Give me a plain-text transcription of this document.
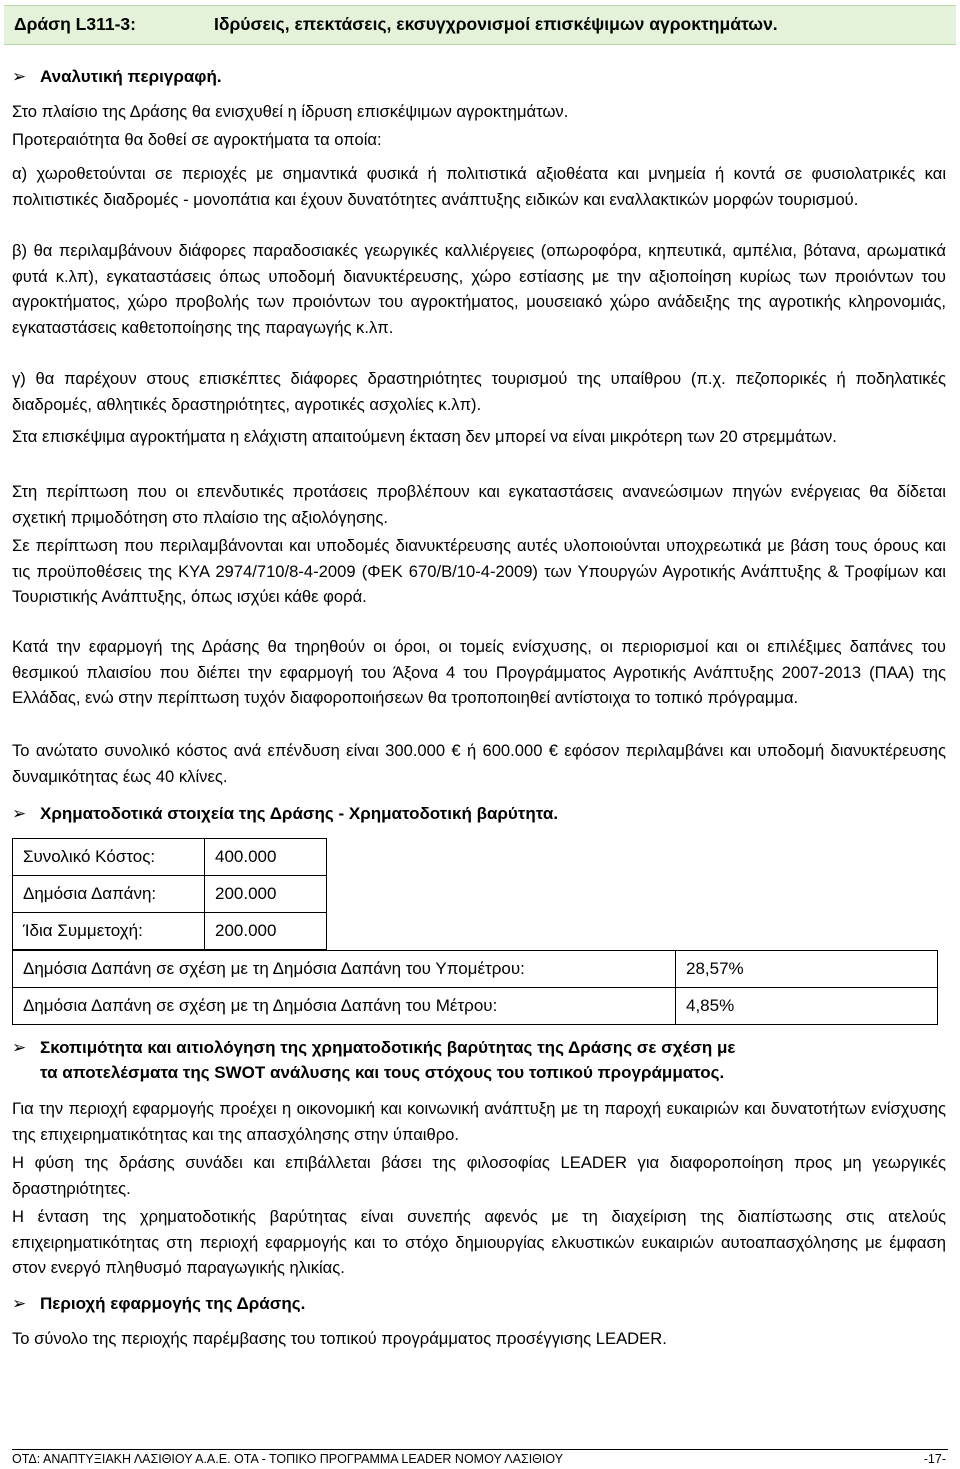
Δράση L311-3:	Ιδρύσεις, επεκτάσεις, εκσυγχρονισμοί επισκέψιμων αγροκτημάτων.
➢ Αναλυτική περιγραφή.
Στο πλαίσιο της Δράσης θα ενισχυθεί η ίδρυση επισκέψιμων αγροκτημάτων.
Προτεραιότητα θα δοθεί σε αγροκτήματα τα οποία:
α) χωροθετούνται σε περιοχές με σημαντικά φυσικά ή πολιτιστικά αξιοθέατα και μνημεία ή κοντά σε φυσιολατρικές και πολιτιστικές διαδρομές - μονοπάτια και έχουν δυνατότητες ανάπτυξης ειδικών και εναλλακτικών μορφών τουρισμού.
β) θα περιλαμβάνουν διάφορες παραδοσιακές γεωργικές καλλιέργειες (οπωροφόρα, κηπευτικά, αμπέλια, βότανα, αρωματικά φυτά κ.λπ), εγκαταστάσεις όπως υποδομή διανυκτέρευσης, χώρο εστίασης με την αξιοποίηση κυρίως των προιόντων του αγροκτήματος, χώρο προβολής των προιόντων του αγροκτήματος, μουσειακό χώρο ανάδειξης της αγροτικής κληρονομιάς, εγκαταστάσεις καθετοποίησης της παραγωγής κ.λπ.
γ) θα παρέχουν στους επισκέπτες διάφορες δραστηριότητες τουρισμού της υπαίθρου (π.χ. πεζοπορικές ή ποδηλατικές διαδρομές, αθλητικές δραστηριότητες, αγροτικές ασχολίες κ.λπ).
Στα επισκέψιμα αγροκτήματα η ελάχιστη απαιτούμενη έκταση δεν μπορεί να είναι μικρότερη των 20 στρεμμάτων.
Στη περίπτωση που οι επενδυτικές προτάσεις προβλέπουν και εγκαταστάσεις ανανεώσιμων πηγών ενέργειας θα δίδεται σχετική πριμοδότηση στο πλαίσιο της αξιολόγησης.
Σε περίπτωση που περιλαμβάνονται και υποδομές διανυκτέρευσης αυτές υλοποιούνται υποχρεωτικά με βάση τους όρους και τις προϋποθέσεις της ΚΥΑ 2974/710/8-4-2009 (ΦΕΚ 670/Β/10-4-2009) των Υπουργών Αγροτικής Ανάπτυξης & Τροφίμων και Τουριστικής Ανάπτυξης, όπως ισχύει κάθε φορά.
Κατά την εφαρμογή της Δράσης θα τηρηθούν οι όροι, οι τομείς ενίσχυσης, οι περιορισμοί και οι επιλέξιμες δαπάνες του θεσμικού πλαισίου που διέπει την εφαρμογή του Άξονα 4 του Προγράμματος Αγροτικής Ανάπτυξης 2007-2013 (ΠΑΑ) της Ελλάδας, ενώ στην περίπτωση τυχόν διαφοροποιήσεων θα τροποποιηθεί αντίστοιχα το τοπικό πρόγραμμα.
Το ανώτατο συνολικό κόστος ανά επένδυση είναι 300.000 € ή 600.000 € εφόσον περιλαμβάνει και υποδομή διανυκτέρευσης δυναμικότητας έως 40 κλίνες.
➢ Χρηματοδοτικά στοιχεία της Δράσης - Χρηματοδοτική βαρύτητα.
➢ Σκοπιμότητα και αιτιολόγηση της χρηματοδοτικής βαρύτητας της Δράσης σε σχέση με
τα αποτελέσματα της SWOT ανάλυσης και τους στόχους του τοπικού προγράμματος.
Για την περιοχή εφαρμογής προέχει η οικονομική και κοινωνική ανάπτυξη με τη παροχή ευκαιριών και δυνατοτήτων ενίσχυσης της επιχειρηματικότητας και της απασχόλησης στην ύπαιθρο.
Η φύση της δράσης συνάδει και επιβάλλεται βάσει της φιλοσοφίας LEADER για διαφοροποίηση προς μη γεωργικές δραστηριότητες.
Η ένταση της χρηματοδοτικής βαρύτητας είναι συνεπής αφενός με τη διαχείριση της διαπίστωσης στις ατελούς επιχειρηματικότητας στη περιοχή εφαρμογής και το στόχο δημιουργίας ελκυστικών ευκαιριών αυτοαπασχόλησης με έμφαση στον ενεργό πληθυσμό παραγωγικής ηλικίας.
➢ Περιοχή εφαρμογής της Δράσης.
Το σύνολο της περιοχής παρέμβασης του τοπικού προγράμματος προσέγγισης LEADER.
Συνολικό Κόστος:	400.000
Δημόσια Δαπάνη:	200.000
Ίδια Συμμετοχή:	200.000
Δημόσια Δαπάνη σε σχέση με τη Δημόσια Δαπάνη του Υπομέτρου:	28,57%
Δημόσια Δαπάνη σε σχέση με τη Δημόσια Δαπάνη του Μέτρου:	4,85%
ΟΤΔ: ΑΝΑΠΤΥΞΙΑΚΗ ΛΑΣΙΘΙΟΥ Α.Α.Ε. ΟΤΑ - ΤΟΠΙΚΟ ΠΡΟΓΡΑΜΜΑ LEADER ΝΟΜΟΥ ΛΑΣΙΘΙΟΥ	-17-
